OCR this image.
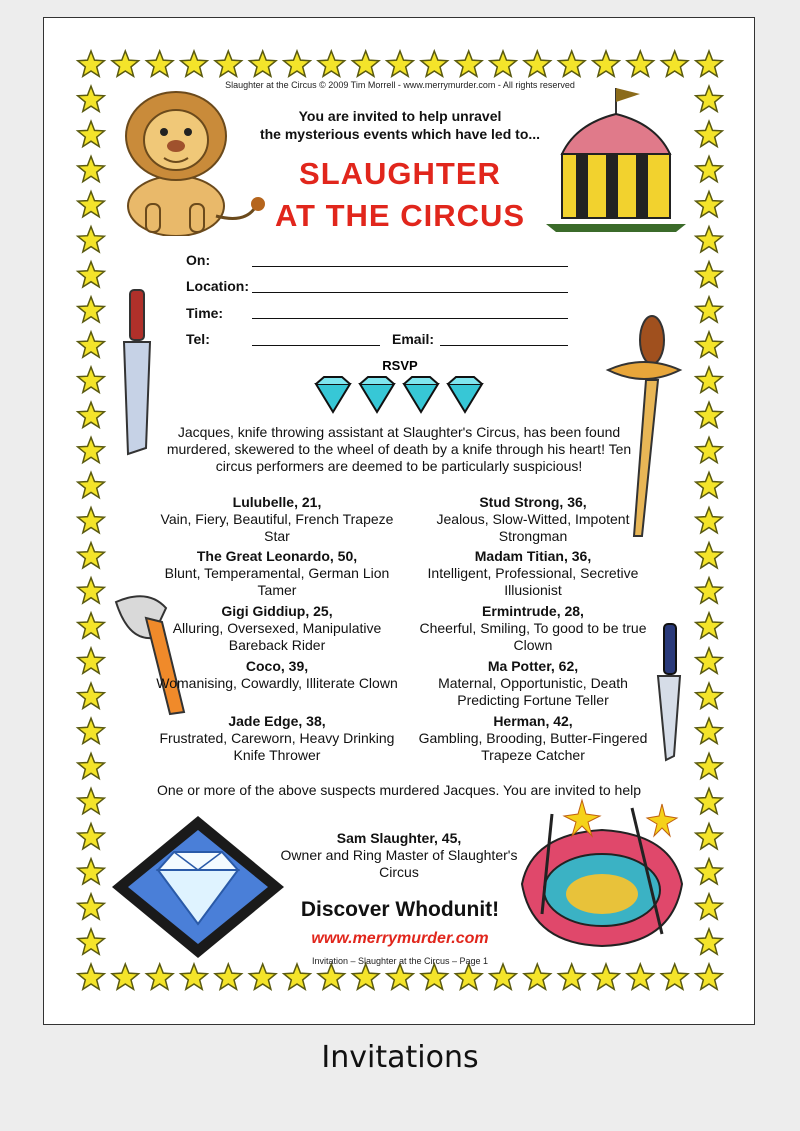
Slaughter at the Circus © 2009 Tim Morrell - www.merrymurder.com - All rights reserved
You are invited to help unravel
the mysterious events which have led to...
SLAUGHTER
AT THE CIRCUS
On:
Location:
Time:
Tel:	Email:
RSVP
Jacques, knife throwing assistant at Slaughter's Circus, has been found murdered, skewered to the wheel of death by a knife through his heart! Ten circus performers are deemed to be particularly suspicious!
Lulubelle, 21,
Vain, Fiery, Beautiful, French Trapeze Star
Stud Strong, 36,
Jealous, Slow-Witted, Impotent Strongman
The Great Leonardo, 50,
Blunt, Temperamental, German Lion Tamer
Madam Titian, 36,
Intelligent, Professional, Secretive Illusionist
Gigi Giddiup, 25,
Alluring, Oversexed, Manipulative Bareback Rider
Ermintrude, 28,
Cheerful, Smiling, To good to be true Clown
Coco, 39,
Womanising, Cowardly, Illiterate Clown
Ma Potter, 62,
Maternal, Opportunistic, Death Predicting Fortune Teller
Jade Edge, 38,
Frustrated, Careworn, Heavy Drinking Knife Thrower
Herman, 42,
Gambling, Brooding, Butter-Fingered Trapeze Catcher
One or more of the above suspects murdered Jacques. You are invited to help
Sam Slaughter, 45,
Owner and Ring Master of Slaughter's Circus
Discover Whodunit!
www.merrymurder.com
Invitation – Slaughter at the Circus – Page 1
Invitations
